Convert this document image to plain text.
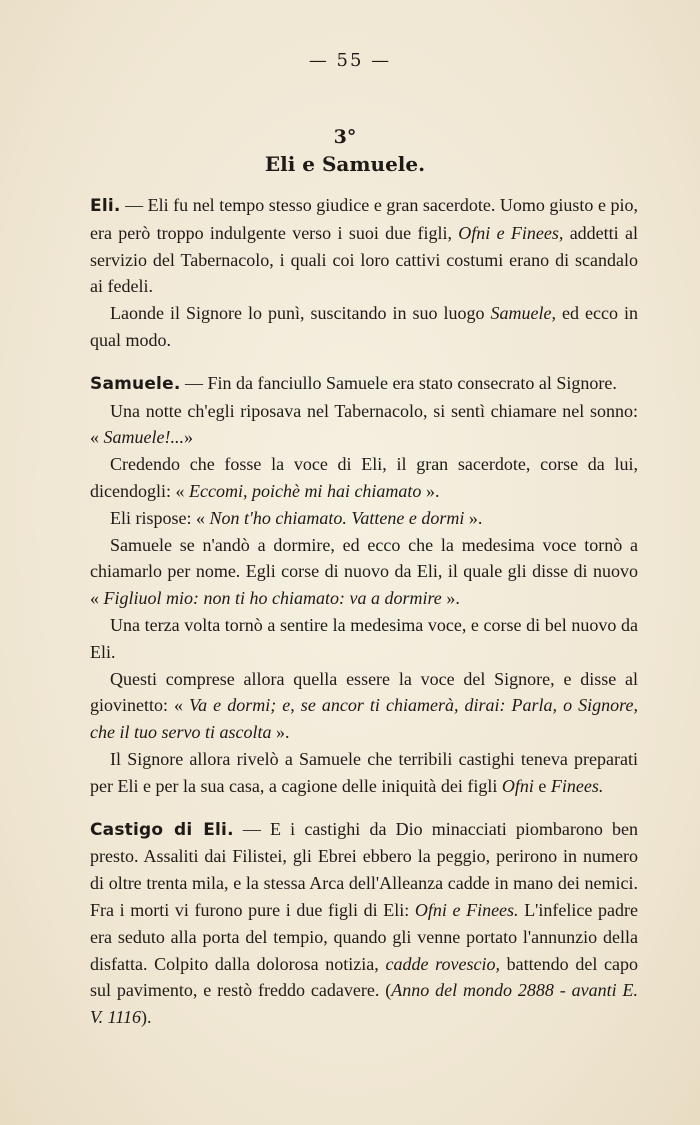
— 55 —
3°
Eli e Samuele.

Eli. — Eli fu nel tempo stesso giudice e gran sacerdote. Uomo giusto e pio, era però troppo indulgente verso i suoi due figli, Ofni e Finees, addetti al servizio del Tabernacolo, i quali coi loro cattivi costumi erano di scandalo ai fedeli.

Laonde il Signore lo punì, suscitando in suo luogo Samuele, ed ecco in qual modo.

Samuele. — Fin da fanciullo Samuele era stato consecrato al Signore.

Una notte ch'egli riposava nel Tabernacolo, si sentì chiamare nel sonno: « Samuele!...»

Credendo che fosse la voce di Eli, il gran sacerdote, corse da lui, dicendogli: « Eccomi, poichè mi hai chiamato ».

Eli rispose: « Non t'ho chiamato. Vattene e dormi ».

Samuele se n'andò a dormire, ed ecco che la medesima voce tornò a chiamarlo per nome. Egli corse di nuovo da Eli, il quale gli disse di nuovo « Figliuol mio: non ti ho chiamato: va a dormire ».

Una terza volta tornò a sentire la medesima voce, e corse di bel nuovo da Eli.

Questi comprese allora quella essere la voce del Signore, e disse al giovinetto: « Va e dormi; e, se ancor ti chiamerà, dirai: Parla, o Signore, che il tuo servo ti ascolta ».

Il Signore allora rivelò a Samuele che terribili castighi teneva preparati per Eli e per la sua casa, a cagione delle iniquità dei figli Ofni e Finees.

Castigo di Eli. — E i castighi da Dio minacciati piombarono ben presto. Assaliti dai Filistei, gli Ebrei ebbero la peggio, perirono in numero di oltre trenta mila, e la stessa Arca dell'Alleanza cadde in mano dei nemici. Fra i morti vi furono pure i due figli di Eli: Ofni e Finees. L'infelice padre era seduto alla porta del tempio, quando gli venne portato l'annunzio della disfatta. Colpito dalla dolorosa notizia, cadde rovescio, battendo del capo sul pavimento, e restò freddo cadavere. (Anno del mondo 2888 - avanti E. V. 1116).
